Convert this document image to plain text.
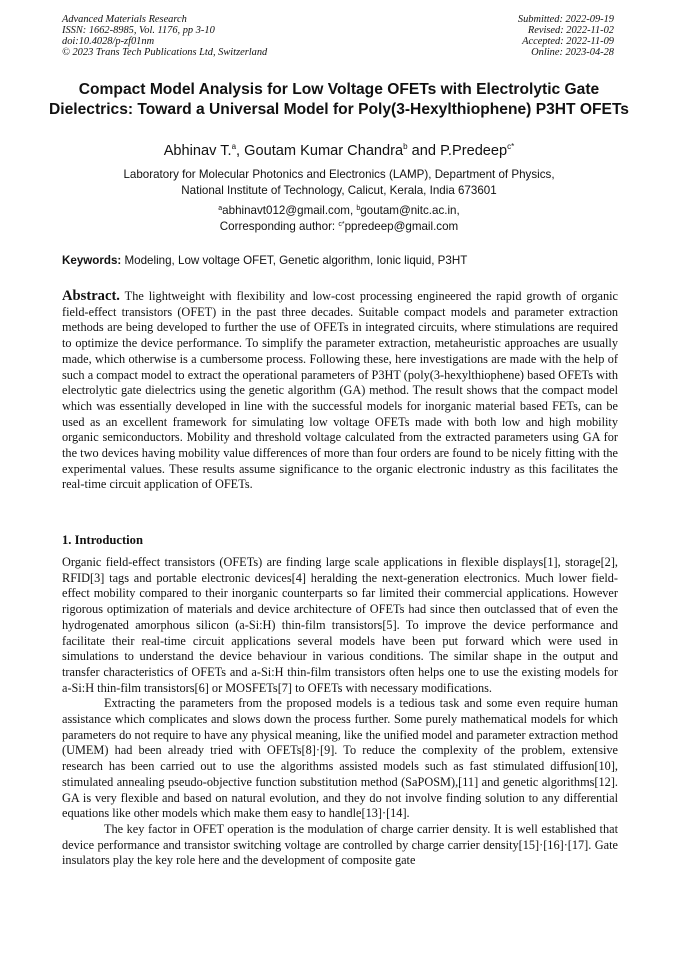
Advanced Materials Research
ISSN: 1662-8985, Vol. 1176, pp 3-10
doi:10.4028/p-zf01nm
© 2023 Trans Tech Publications Ltd, Switzerland
Submitted: 2022-09-19
Revised: 2022-11-02
Accepted: 2022-11-09
Online: 2023-04-28
Compact Model Analysis for Low Voltage OFETs with Electrolytic Gate Dielectrics: Toward a Universal Model for Poly(3-Hexylthiophene) P3HT OFETs
Abhinav T.$^a$, Goutam Kumar Chandra$^b$ and P.Predeep$^{c*}$
Laboratory for Molecular Photonics and Electronics (LAMP), Department of Physics,
National Institute of Technology, Calicut, Kerala, India 673601
$^a$abhinavt012@gmail.com, $^b$goutam@nitc.ac.in,
Corresponding author: $^{c*}$ppredeep@gmail.com
Keywords: Modeling, Low voltage OFET, Genetic algorithm, Ionic liquid, P3HT

Abstract. The lightweight with flexibility and low-cost processing engineered the rapid growth of organic field-effect transistors (OFET) in the past three decades. Suitable compact models and parameter extraction methods are being developed to further the use of OFETs in integrated circuits, where stimulations are required to optimize the device performance. To simplify the parameter extraction, metaheuristic approaches are usually made, which otherwise is a cumbersome process. Following these, here investigations are made with the help of such a compact model to extract the operational parameters of P3HT (poly(3-hexylthiophene) based OFETs with electrolytic gate dielectrics using the genetic algorithm (GA) method. The result shows that the compact model which was essentially developed in line with the successful models for inorganic material based FETs, can be used as an excellent framework for simulating low voltage OFETs made with both low and high mobility organic semiconductors. Mobility and threshold voltage calculated from the extracted parameters using GA for the two devices having mobility value differences of more than four orders are found to be nicely fitting with the experimental values. These results assume significance to the organic electronic industry as this facilitates the real-time circuit application of OFETs.

1. Introduction

Organic field-effect transistors (OFETs) are finding large scale applications in flexible displays[1], storage[2], RFID[3] tags and portable electronic devices[4] heralding the next-generation electronics. Much lower field-effect mobility compared to their inorganic counterparts so far limited their commercial applications. However rigorous optimization of materials and device architecture of OFETs had since then outclassed that of even the hydrogenated amorphous silicon (a-Si:H) thin-film transistors[5]. To improve the device performance and facilitate their real-time circuit applications several models have been put forward which were used in simulations to understand the device behaviour in various conditions. The similar shape in the output and transfer characteristics of OFETs and a-Si:H thin-film transistors often helps one to use the existing models for a-Si:H thin-film transistors[6] or MOSFETs[7] to OFETs with necessary modifications.

Extracting the parameters from the proposed models is a tedious task and some even require human assistance which complicates and slows down the process further. Some purely mathematical models for which parameters do not require to have any physical meaning, like the unified model and parameter extraction method (UMEM) had been already tried with OFETs[8]·[9]. To reduce the complexity of the problem, extensive research has been carried out to use the algorithms assisted models such as fast stimulated diffusion[10], stimulated annealing pseudo-objective function substitution method (SaPOSM),[11] and genetic algorithms[12]. GA is very flexible and based on natural evolution, and they do not involve finding solution to any differential equations like other models which make them easy to handle[13]·[14].

The key factor in OFET operation is the modulation of charge carrier density. It is well established that device performance and transistor switching voltage are controlled by charge carrier density[15]·[16]·[17]. Gate insulators play the key role here and the development of composite gate
